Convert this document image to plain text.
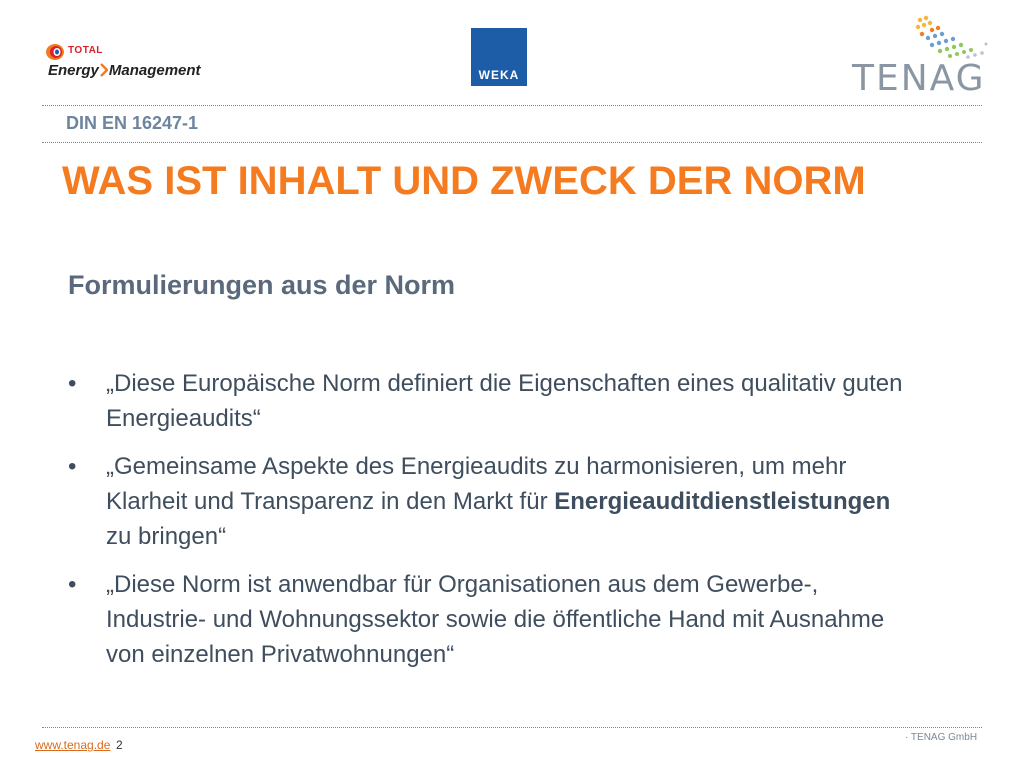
TOTAL
Energy Management	WEKA	TENAG
DIN EN 16247-1
WAS IST INHALT UND ZWECK DER NORM
Formulierungen aus der Norm
• „Diese Europäische Norm definiert die Eigenschaften eines qualitativ guten Energieaudits“
• „Gemeinsame Aspekte des Energieaudits zu harmonisieren, um mehr Klarheit und Transparenz in den Markt für Energieauditdienstleistungen zu bringen“
• „Diese Norm ist anwendbar für Organisationen aus dem Gewerbe-, Industrie- und Wohnungssektor sowie die öffentliche Hand mit Ausnahme von einzelnen Privatwohnungen“
www.tenag.de 2
· TENAG GmbH
